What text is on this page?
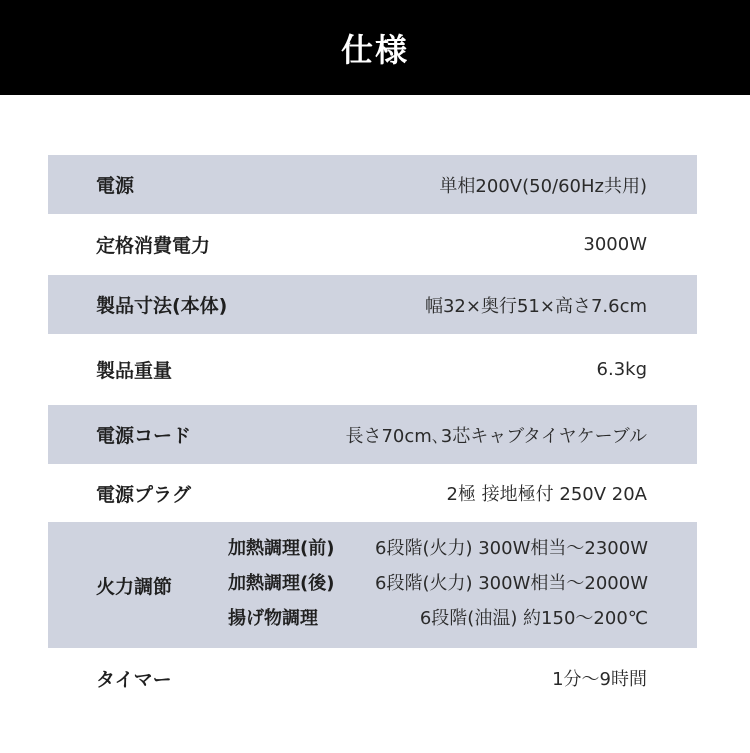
仕様
電源	単相200V(50/60Hz共用)
定格消費電力	3000W
製品寸法(本体)	幅32×奥行51×高さ7.6cm
製品重量	6.3kg
電源コード	長さ70cm､3芯キャブタイヤケーブル
電源プラグ	2極 接地極付 250V 20A
火力調節
加熱調理(前) 6段階(火力) 300W相当～2300W
加熱調理(後) 6段階(火力) 300W相当～2000W
揚げ物調理	6段階(油温) 約150～200℃
タイマー	1分～9時間
